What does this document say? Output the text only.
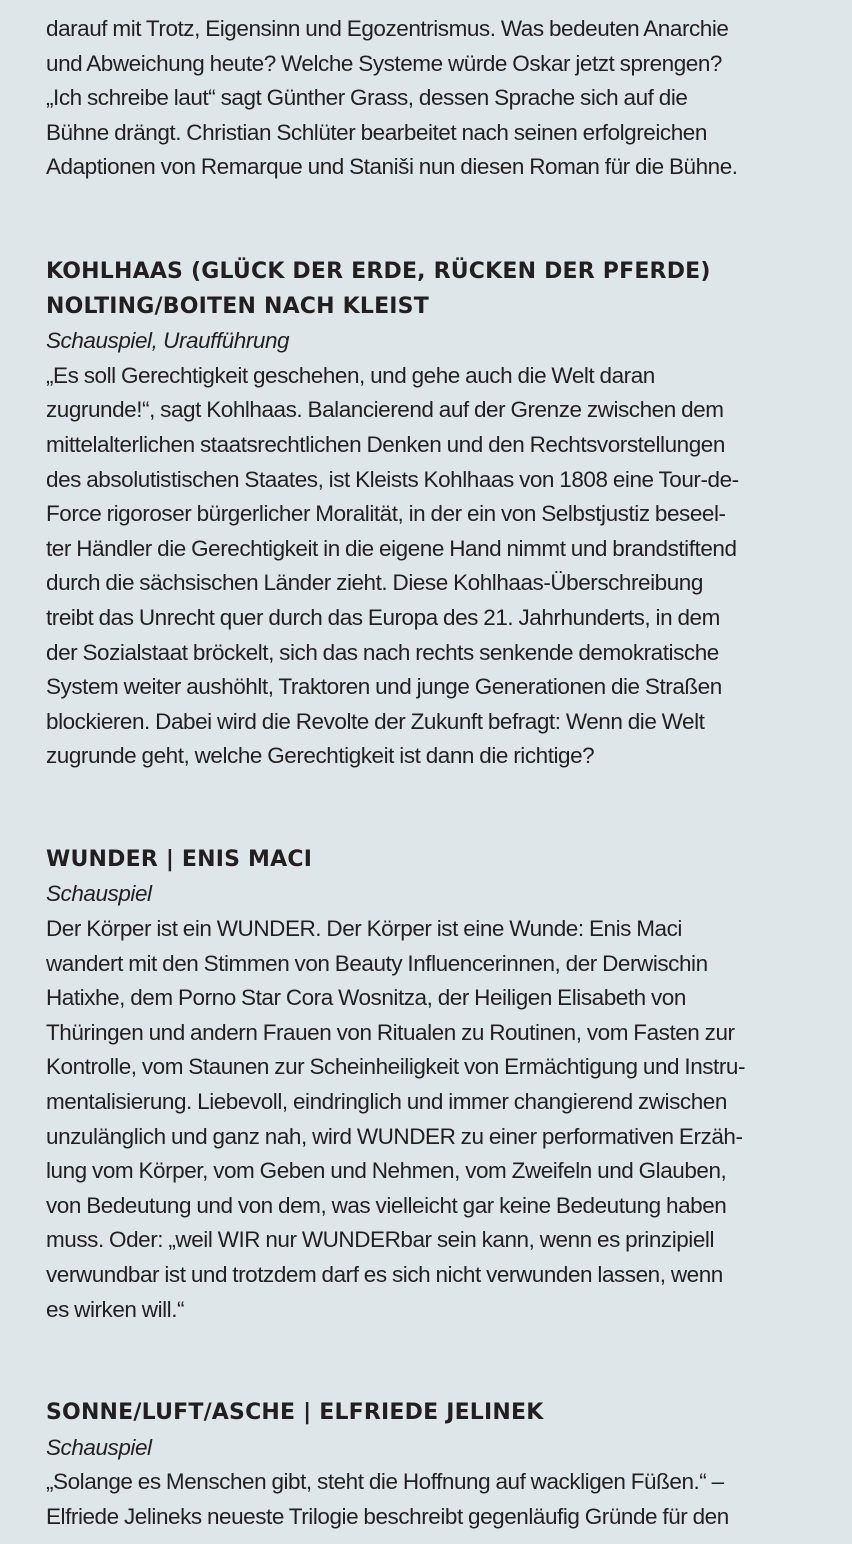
darauf mit Trotz, Eigensinn und Egozentrismus. Was bedeuten Anarchie
und Abweichung heute? Welche Systeme würde Oskar jetzt sprengen?
„Ich schreibe laut“ sagt Günther Grass, dessen Sprache sich auf die
Bühne drängt. Christian Schlüter bearbeitet nach seinen erfolgreichen
Adaptionen von Remarque und Staniši nun diesen Roman für die Bühne.
KOHLHAAS (GLÜCK DER ERDE, RÜCKEN DER PFERDE)
NOLTING/BOITEN NACH KLEIST
Schauspiel, Uraufführung
„Es soll Gerechtigkeit geschehen, und gehe auch die Welt daran
zugrunde!“, sagt Kohlhaas. Balancierend auf der Grenze zwischen dem
mittelalterlichen staatsrechtlichen Denken und den Rechtsvorstellungen
des absolutistischen Staates, ist Kleists Kohlhaas von 1808 eine Tour-de-
Force rigoroser bürgerlicher Moralität, in der ein von Selbstjustiz beseel-
ter Händler die Gerechtigkeit in die eigene Hand nimmt und brandstiftend
durch die sächsischen Länder zieht. Diese Kohlhaas-Überschreibung
treibt das Unrecht quer durch das Europa des 21. Jahrhunderts, in dem
der Sozialstaat bröckelt, sich das nach rechts senkende demokratische
System weiter aushöhlt, Traktoren und junge Generationen die Straßen
blockieren. Dabei wird die Revolte der Zukunft befragt: Wenn die Welt
zugrunde geht, welche Gerechtigkeit ist dann die richtige?
WUNDER | ENIS MACI
Schauspiel
Der Körper ist ein WUNDER. Der Körper ist eine Wunde: Enis Maci
wandert mit den Stimmen von Beauty Influencerinnen, der Derwischin
Hatixhe, dem Porno Star Cora Wosnitza, der Heiligen Elisabeth von
Thüringen und andern Frauen von Ritualen zu Routinen, vom Fasten zur
Kontrolle, vom Staunen zur Scheinheiligkeit von Ermächtigung und Instru-
mentalisierung. Liebevoll, eindringlich und immer changierend zwischen
unzulänglich und ganz nah, wird WUNDER zu einer performativen Erzäh-
lung vom Körper, vom Geben und Nehmen, vom Zweifeln und Glauben,
von Bedeutung und von dem, was vielleicht gar keine Bedeutung haben
muss. Oder: „weil WIR nur WUNDERbar sein kann, wenn es prinzipiell
verwundbar ist und trotzdem darf es sich nicht verwunden lassen, wenn
es wirken will.“
SONNE/LUFT/ASCHE | ELFRIEDE JELINEK
Schauspiel
„Solange es Menschen gibt, steht die Hoffnung auf wackligen Füßen.“ –
Elfriede Jelineks neueste Trilogie beschreibt gegenläufig Gründe für den
